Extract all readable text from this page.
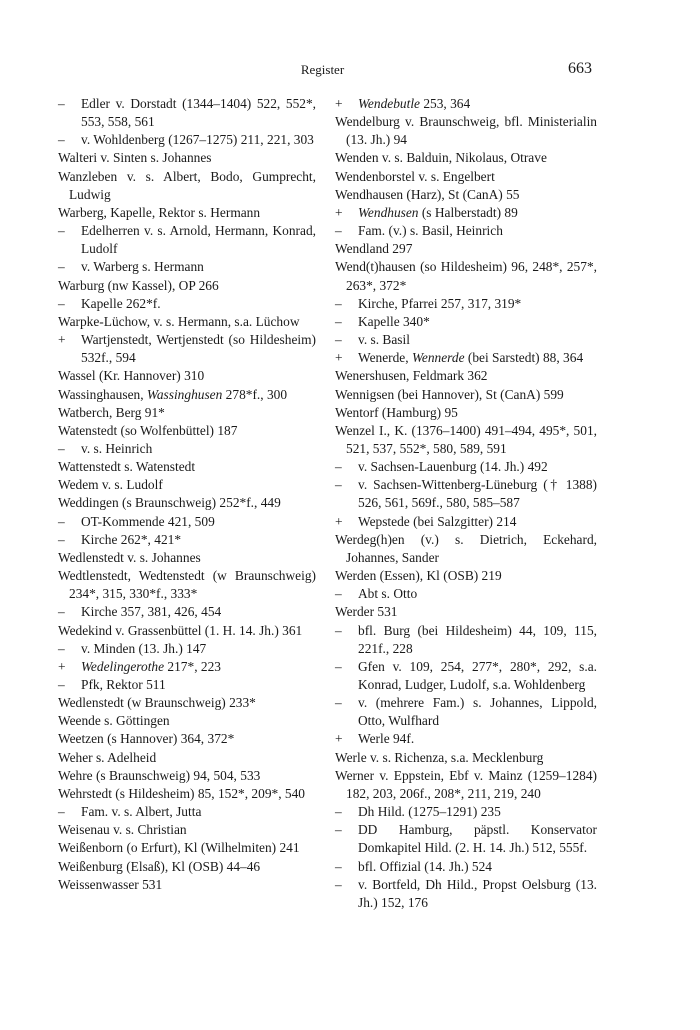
Register	663

–
Edler v. Dorstadt (1344–1404) 522, 552*, 553, 558, 561

–
v. Wohldenberg (1267–1275) 211, 221, 303

Walteri v. Sinten s. Johannes

Wanzleben v. s. Albert, Bodo, Gumprecht, Ludwig

Warberg, Kapelle, Rektor s. Hermann

–
Edelherren v. s. Arnold, Hermann, Konrad, Ludolf

–
v. Warberg s. Hermann

Warburg (nw Kassel), OP 266

–
Kapelle 262*f.

Warpke-Lüchow, v. s. Hermann, s.a. Lüchow

+
Wartjenstedt, Wertjenstedt (so Hildesheim) 532f., 594

Wassel (Kr. Hannover) 310

Wassinghausen, Wassinghusen 278*f., 300

Watberch, Berg 91*

Watenstedt (so Wolfenbüttel) 187

–
v. s. Heinrich

Wattenstedt s. Watenstedt

Wedem v. s. Ludolf

Weddingen (s Braunschweig) 252*f., 449

–
OT-Kommende 421, 509

–
Kirche 262*, 421*

Wedlenstedt v. s. Johannes

Wedtlenstedt, Wedtenstedt (w Braunschweig) 234*, 315, 330*f., 333*

–
Kirche 357, 381, 426, 454

Wedekind v. Grassenbüttel (1. H. 14. Jh.) 361

–
v. Minden (13. Jh.) 147

+
Wedelingerothe 217*, 223

–
Pfk, Rektor 511

Wedlenstedt (w Braunschweig) 233*

Weende s. Göttingen

Weetzen (s Hannover) 364, 372*

Weher s. Adelheid

Wehre (s Braunschweig) 94, 504, 533

Wehrstedt (s Hildesheim) 85, 152*, 209*, 540

–
Fam. v. s. Albert, Jutta

Weisenau v. s. Christian

Weißenborn (o Erfurt), Kl (Wilhelmiten) 241

Weißenburg (Elsaß), Kl (OSB) 44–46

Weissenwasser 531

+
Wendebutle 253, 364

Wendelburg v. Braunschweig, bfl. Ministerialin (13. Jh.) 94

Wenden v. s. Balduin, Nikolaus, Otrave

Wendenborstel v. s. Engelbert

Wendhausen (Harz), St (CanA) 55

+
Wendhusen (s Halberstadt) 89

–
Fam. (v.) s. Basil, Heinrich

Wendland 297

Wend(t)hausen (so Hildesheim) 96, 248*, 257*, 263*, 372*

–
Kirche, Pfarrei 257, 317, 319*

–
Kapelle 340*

–
v. s. Basil

+
Wenerde, Wennerde (bei Sarstedt) 88, 364

Wenershusen, Feldmark 362

Wennigsen (bei Hannover), St (CanA) 599

Wentorf (Hamburg) 95

Wenzel I., K. (1376–1400) 491–494, 495*, 501, 521, 537, 552*, 580, 589, 591

–
v. Sachsen-Lauenburg (14. Jh.) 492

–
v. Sachsen-Wittenberg-Lüneburg († 1388) 526, 561, 569f., 580, 585–587

+
Wepstede (bei Salzgitter) 214

Werdeg(h)en (v.) s. Dietrich, Eckehard, Johannes, Sander

Werden (Essen), Kl (OSB) 219

–
Abt s. Otto

Werder 531

–
bfl. Burg (bei Hildesheim) 44, 109, 115, 221f., 228

–
Gfen v. 109, 254, 277*, 280*, 292, s.a. Konrad, Ludger, Ludolf, s.a. Wohldenberg

–
v. (mehrere Fam.) s. Johannes, Lippold, Otto, Wulfhard

+
Werle 94f.

Werle v. s. Richenza, s.a. Mecklenburg

Werner v. Eppstein, Ebf v. Mainz (1259–1284) 182, 203, 206f., 208*, 211, 219, 240

–
Dh Hild. (1275–1291) 235

–
DD Hamburg, päpstl. Konservator Domkapitel Hild. (2. H. 14. Jh.) 512, 555f.

–
bfl. Offizial (14. Jh.) 524

–
v. Bortfeld, Dh Hild., Propst Oelsburg (13. Jh.) 152, 176
